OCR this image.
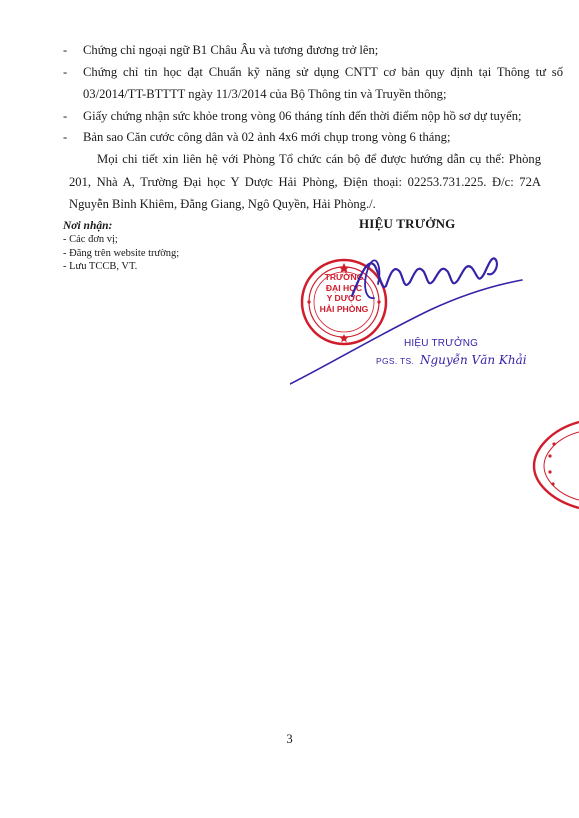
-	Chứng chỉ ngoại ngữ B1 Châu Âu và tương đương trở lên;
-	Chứng chỉ tin học đạt Chuẩn kỹ năng sử dụng CNTT cơ bản quy định tại Thông tư số 03/2014/TT-BTTTT ngày 11/3/2014 của Bộ Thông tin và Truyền thông;
-	Giấy chứng nhận sức khỏe trong vòng 06 tháng tính đến thời điểm nộp hồ sơ dự tuyển;
-	Bản sao Căn cước công dân và 02 ảnh 4x6 mới chụp trong vòng 6 tháng;
Mọi chi tiết xin liên hệ với Phòng Tổ chức cán bộ để được hướng dẫn cụ thể: Phòng 201, Nhà A, Trường Đại học Y Dược Hải Phòng, Điện thoại: 02253.731.225. Đ/c: 72A Nguyễn Bỉnh Khiêm, Đằng Giang, Ngô Quyền, Hải Phòng./.
Nơi nhận:
- Các đơn vị;
- Đăng trên website trường;
- Lưu TCCB, VT.
HIỆU TRƯỞNG
TRƯỜNG
ĐẠI HỌC
Y DƯỢC
HẢI PHÒNG
HIỆU TRƯỞNG
PGS. TS. Nguyễn Văn Khải
3
